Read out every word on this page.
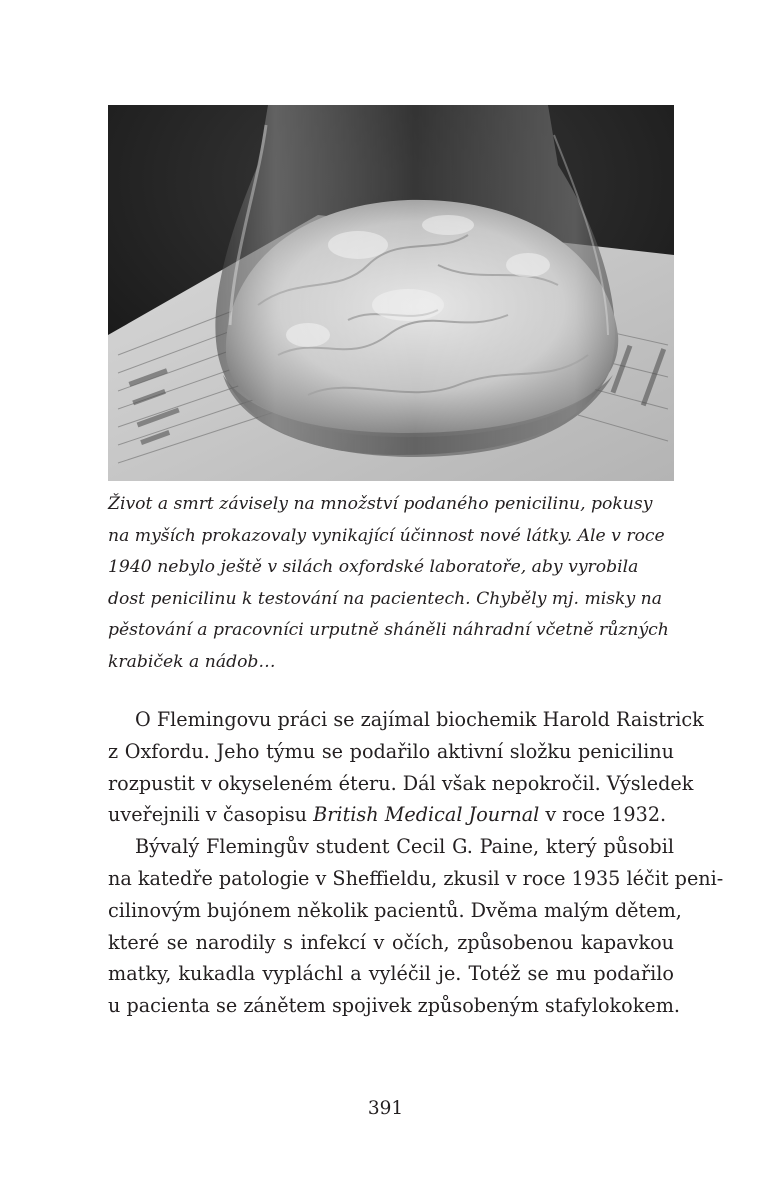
Život a smrt závisely na množství podaného penicilinu, pokusy
na myších prokazovaly vynikající účinnost nové látky. Ale v roce
1940 nebylo ještě v silách oxfordské laboratoře, aby vyrobila
dost penicilinu k testování na pacientech. Chyběly mj. misky na
pěstování a pracovníci urputně sháněli náhradní včetně různých
krabiček a nádob…

O Flemingovu práci se zajímal biochemik Harold Raistrick
z Oxfordu. Jeho týmu se podařilo aktivní složku penicilinu
rozpustit v okyseleném éteru. Dál však nepokročil. Výsledek
uveřejnili v časopisu British Medical Journal v roce 1932.
Bývalý Flemingův student Cecil G. Paine, který působil
na katedře patologie v Sheffieldu, zkusil v roce 1935 léčit peni-
cilinovým bujónem několik pacientů. Dvěma malým dětem,
které se narodily s infekcí v očích, způsobenou kapavkou
matky, kukadla vypláchl a vyléčil je. Totéž se mu podařilo
u pacienta se zánětem spojivek způsobeným stafylokokem.

391
